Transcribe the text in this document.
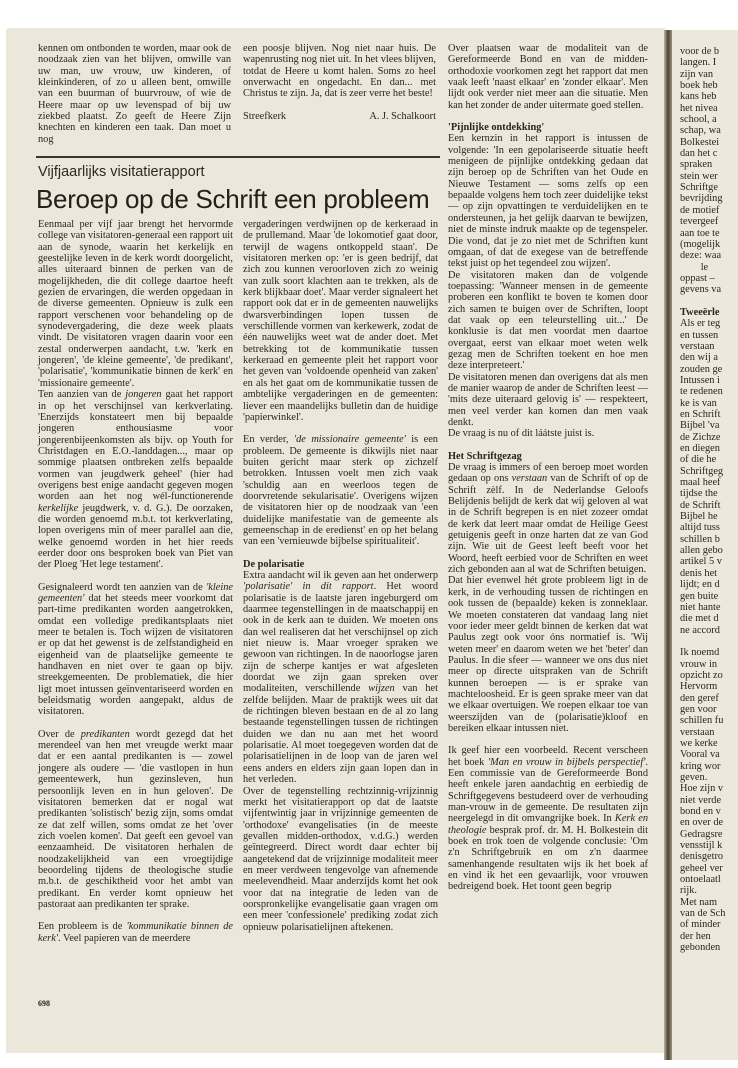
voor de b
langen. I
zijn van
boek heb
kans heb
het nivea
school, a
schap, wa
Bolkestei
dan het c
spraken
stein wer
Schriftge
bevrijding
de motief
tevergeef
aan toe te
(mogelijk
deze: waa
le
oppast –
gevens va
Tweeërle
Als er teg
en tussen
verstaan
den wij a
zouden ge
Intussen i
te redenen
ke is van
en Schrift
Bijbel 'va
de Zichze
en diegen
of die he
Schriftgeg
maal heef
tijdse the
de Schrift
Bijbel he
altijd tuss
schillen b
allen gebo
artikel 5 v
denis het
lijdt; en d
gen buite
niet hante
die met d
ne accord
Ik noemd
vrouw in
opzicht zo
Hervorm
den geref
gen voor
schillen fu
verstaan
we kerke
Vooral va
kring wor
geven.
Hoe zijn v
niet verde
bond en v
en over de
Gedragsre
vensstijl k
denisgetro
geheel ver
ontoelaatl
rijk.
Met nam
van de Sch
of minder
der hen
gebonden

kennen om ontbonden te worden, maar ook de noodzaak zien van het blijven, omwille van uw man, uw vrouw, uw kinderen, of kleinkinderen, of zo u alleen bent, omwille van een buurman of buurvrouw, of wie de Heere maar op uw levenspad of bij uw ziekbed plaatst. Zo geeft de Heere Zijn knechten en kinderen een taak. Dan moet u nog

een poosje blijven. Nog niet naar huis. De wapenrusting nog niet uit. In het vlees blijven, totdat de Heere u komt halen. Soms zo heel onverwacht en ongedacht. En dan... met Christus te zijn. Ja, dat is zeer verre het beste!

Streefkerk	A. J. Schalkoort
Vijfjaarlijks visitatierapport
Beroep op de Schrift een probleem

Eenmaal per vijf jaar brengt het hervormde college van visitatoren-generaal een rapport uit aan de synode, waarin het kerkelijk en geestelijke leven in de kerk wordt doorgelicht, alles uiteraard binnen de perken van de mogelijkheden, die dit college daartoe heeft gezien de ervaringen, die werden opgedaan in de diverse gemeenten. Opnieuw is zulk een rapport verschenen voor behandeling op de synodevergadering, die deze week plaats vindt. De visitatoren vragen daarin voor een zestal onderwerpen aandacht, t.w. 'kerk en jongeren', 'de kleine gemeente', 'de predikant', 'polarisatie', 'kommunikatie binnen de kerk' en 'missionaire gemeente'.

Ten aanzien van de jongeren gaat het rapport in op het verschijnsel van kerkverlating. 'Enerzijds konstateert men bij bepaalde jongeren enthousiasme voor jongerenbijeenkomsten als bijv. op Youth for Christdagen en E.O.-landdagen..., maar op sommige plaatsen ontbreken zelfs bepaalde vormen van jeugdwerk geheel' (hier had overigens best enige aandacht gegeven mogen worden aan het nog wél-functionerende kerkelijke jeugdwerk, v. d. G.). De oorzaken, die worden genoemd m.b.t. tot kerkverlating, lopen overigens min of meer parallel aan die, welke genoemd worden in het hier reeds eerder door ons besproken boek van Piet van der Ploeg 'Het lege testament'.

Gesignaleerd wordt ten aanzien van de 'kleine gemeenten' dat het steeds meer voorkomt dat part-time predikanten worden aangetrokken, omdat een volledige predikantsplaats niet meer te betalen is. Toch wijzen de visitatoren er op dat het gewenst is de zelfstandigheid en eigenheid van de plaatselijke gemeente te handhaven en niet over te gaan op bijv. streekgemeenten. De problematiek, die hier ligt moet intussen geïnventariseerd worden en beleidsmatig worden aangepakt, aldus de visitatoren.

Over de predikanten wordt gezegd dat het merendeel van hen met vreugde werkt maar dat er een aantal predikanten is — zowel jongere als oudere — 'die vastlopen in hun gemeentewerk, hun gezinsleven, hun persoonlijk leven en in hun geloven'. De visitatoren bemerken dat er nogal wat predikanten 'solistisch' bezig zijn, soms omdat ze dat zelf willen, soms omdat ze het 'over zich voelen komen'. Dat geeft een gevoel van eenzaamheid. De visitatoren herhalen de noodzakelijkheid van een vroegtijdige beoordeling tijdens de theologische studie m.b.t. de geschiktheid voor het ambt van predikant. En verder komt opnieuw het pastoraat aan predikanten ter sprake.

Een probleem is de 'kommunikatie binnen de kerk'. Veel papieren van de meerdere

vergaderingen verdwijnen op de kerkeraad in de prullemand. Maar 'de lokomotief gaat door, terwijl de wagens ontkoppeld staan'. De visitatoren merken op: 'er is geen bedrijf, dat zich zou kunnen veroorloven zich zo weinig van zulk soort klachten aan te trekken, als de kerk blijkbaar doet'. Maar verder signaleert het rapport ook dat er in de gemeenten nauwelijks dwarsverbindingen lopen tussen de verschillende vormen van kerkewerk, zodat de één nauwelijks weet wat de ander doet. Met betrekking tot de kommunikatie tussen kerkeraad en gemeente pleit het rapport voor het geven van 'voldoende openheid van zaken' en als het gaat om de kommunikatie tussen de ambtelijke vergaderingen en de gemeenten: liever een maandelijks bulletin dan de huidige 'papierwinkel'.

En verder, 'de missionaire gemeente' is een probleem. De gemeente is dikwijls niet naar buiten gericht maar sterk op zichzelf betrokken. Intussen voelt men zich vaak 'schuldig aan en weerloos tegen de doorvretende sekularisatie'. Overigens wijzen de visitatoren hier op de noodzaak van 'een duidelijke manifestatie van de gemeente als gemeenschap in de eredienst' en op het belang van een 'vernieuwde bijbelse spiritualiteit'.

De polarisatie

Extra aandacht wil ik geven aan het onderwerp 'polarisatie' in dit rapport. Het woord polarisatie is de laatste jaren ingeburgerd om daarmee tegenstellingen in de maatschappij en ook in de kerk aan te duiden. We moeten ons dan wel realiseren dat het verschijnsel op zich niet nieuw is. Maar vroeger spraken we gewoon van richtingen. In de naoorlogse jaren zijn de scherpe kantjes er wat afgesleten doordat we zijn gaan spreken over modaliteiten, verschillende wijzen van het zelfde belijden. Maar de praktijk wees uit dat de richtingen bleven bestaan en de al zo lang bestaande tegenstellingen tussen de richtingen duiden we dan nu aan met het woord polarisatie. Al moet toegegeven worden dat de polarisatielijnen in de loop van de jaren wel eens anders en elders zijn gaan lopen dan in het verleden.

Over de tegenstelling rechtzinnig-vrijzinnig merkt het visitatierapport op dat de laatste vijfentwintig jaar in vrijzinnige gemeenten de 'orthodoxe' evangelisaties (in de meeste gevallen midden-orthodox, v.d.G.) werden geïntegreerd. Direct wordt daar echter bij aangetekend dat de vrijzinnige modaliteit meer en meer verdween tengevolge van afnemende meelevendheid. Maar anderzijds komt het ook voor dat na integratie de leden van de oorspronkelijke evangelisatie gaan vragen om een meer 'confessionele' prediking zodat zich opnieuw polarisatielijnen aftekenen.

Over plaatsen waar de modaliteit van de Gereformeerde Bond en van de midden-orthodoxie voorkomen zegt het rapport dat men vaak leeft 'naast elkaar' en 'zonder elkaar'. Men lijdt ook verder niet meer aan die situatie. Men kan het zonder de ander uitermate goed stellen.

'Pijnlijke ontdekking'

Een kernzin in het rapport is intussen de volgende: 'In een gepolariseerde situatie heeft menigeen de pijnlijke ontdekking gedaan dat zijn beroep op de Schriften van het Oude en Nieuwe Testament — soms zelfs op een bepaalde volgens hem toch zeer duidelijke tekst — op zijn opvattingen te verduidelijken en te ondersteunen, ja het gelijk daarvan te bewijzen, niet de minste indruk maakte op de tegenspeler. Die vond, dat je zo niet met de Schriften kunt omgaan, of dat de exegese van de betreffende tekst juist op het tegendeel zou wijzen'.

De visitatoren maken dan de volgende toepassing: 'Wanneer mensen in de gemeente proberen een konflikt te boven te komen door zich samen te buigen over de Schriften, loopt dat vaak op een teleurstelling uit...' De konklusie is dat men voordat men daartoe overgaat, eerst van elkaar moet weten welk gezag men de Schriften toekent en hoe men deze interpreteert.'

De visitatoren menen dan overigens dat als men de manier waarop de ander de Schriften leest — 'mits deze uiteraard gelovig is' — respekteert, men veel verder kan komen dan men vaak denkt.

De vraag is nu of dit láátste juist is.

Het Schriftgezag

De vraag is immers of een beroep moet worden gedaan op ons verstaan van de Schrift of op de Schrift zèlf. In de Nederlandse Geloofs Belijdenis belijdt de kerk dat wij geloven al wat in de Schrift begrepen is en niet zozeer omdat de kerk dat leert maar omdat de Heilige Geest getuigenis geeft in onze harten dat ze van God zijn. Wie uit de Geest leeft beeft voor het Woord, heeft eerbied voor de Schriften en weet zich gebonden aan al wat de Schriften betuigen.

Dat hier evenwel hét grote probleem ligt in de kerk, in de verhouding tussen de richtingen en ook tussen de (bepaalde) keken is zonneklaar. We moeten constateren dat vandaag lang niet voor ieder meer geldt binnen de kerken dat wat Paulus zegt ook voor óns normatief is. 'Wij weten meer' en daarom weten we het 'beter' dan Paulus. In die sfeer — wanneer we ons dus niet meer op directe uitspraken van de Schrift kunnen beroepen — is er sprake van machteloosheid. Er is geen sprake meer van dat we elkaar overtuigen. We roepen elkaar toe van weerszijden van de (polarisatie)kloof en bereiken elkaar intussen niet.

Ik geef hier een voorbeeld. Recent verscheen het boek 'Man en vrouw in bijbels perspectief'. Een commissie van de Gereformeerde Bond heeft enkele jaren aandachtig en eerbiedig de Schriftgegevens bestudeerd over de verhouding man-vrouw in de gemeente. De resultaten zijn neergelegd in dit omvangrijke boek. In Kerk en theologie besprak prof. dr. M. H. Bolkestein dit boek en trok toen de volgende conclusie: 'Om z'n Schriftgebruik en om z'n daarmee samenhangende resultaten wijs ik het boek af en vind ik het een gevaarlijk, voor vrouwen bedreigend boek. Het toont geen begrip

698
